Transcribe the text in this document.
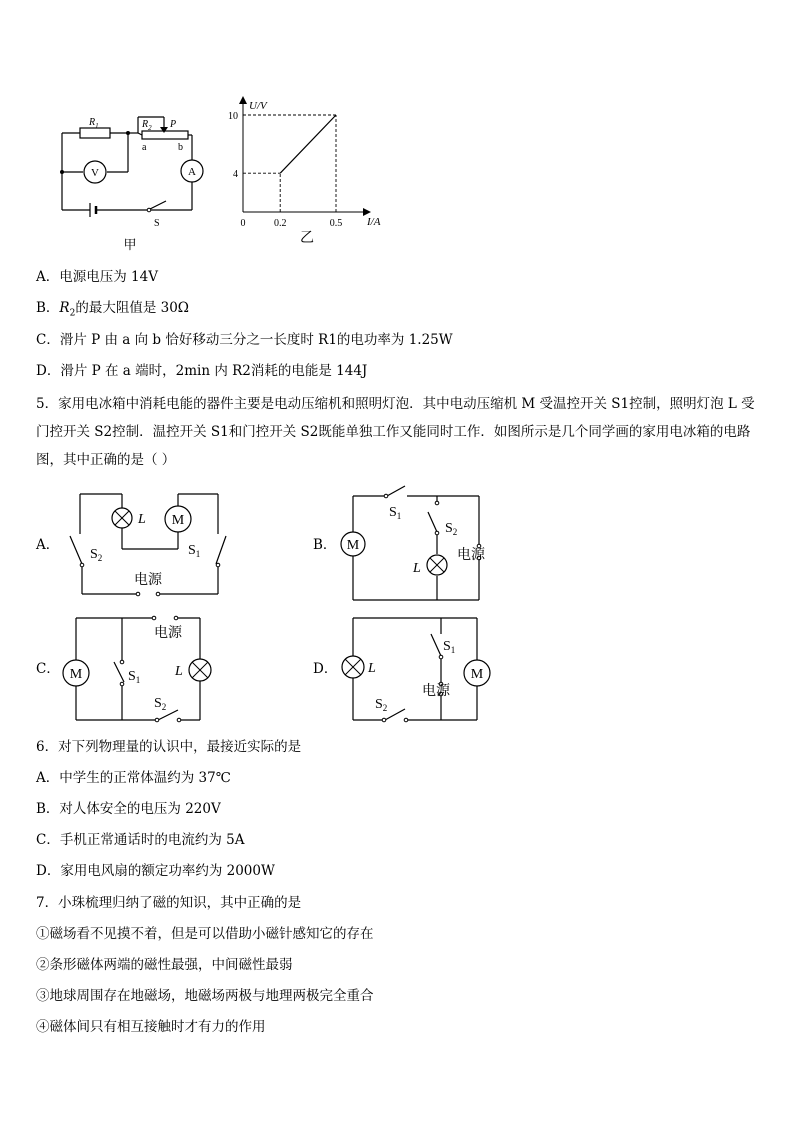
$R_1$	$R_2$ P
a	b
V	A
S
甲
10
4
0	0.2	0.5
U/V
I/A
乙
A．电源电压为 14V
B．$R_2$的最大阻值是 30Ω
C．滑片 P 由 a 向 b 恰好移动三分之一长度时 R1的电功率为 1.25W
D．滑片 P 在 a 端时，2min 内 R2消耗的电能是 144J
5．家用电冰箱中消耗电能的器件主要是电动压缩机和照明灯泡．其中电动压缩机 M 受温控开关 S1控制，照明灯泡 L 受门控开关 S2控制．温控开关 S1和门控开关 S2既能单独工作又能同时工作．如图所示是几个同学画的家用电冰箱的电路图，其中正确的是（ ）
A．	B．
C．	D．
M
L
$S_2$	$S_1$
电源
M
L
$S_1$
$S_2$
电源
M	L
$S_1$
$S_2$
电源
M
L
$S_1$
$S_2$
电源
6．对下列物理量的认识中，最接近实际的是
A．中学生的正常体温约为 37℃
B．对人体安全的电压为 220V
C．手机正常通话时的电流约为 5A
D．家用电风扇的额定功率约为 2000W
7．小珠梳理归纳了磁的知识，其中正确的是
①磁场看不见摸不着，但是可以借助小磁针感知它的存在
②条形磁体两端的磁性最强，中间磁性最弱
③地球周围存在地磁场，地磁场两极与地理两极完全重合
④磁体间只有相互接触时才有力的作用
